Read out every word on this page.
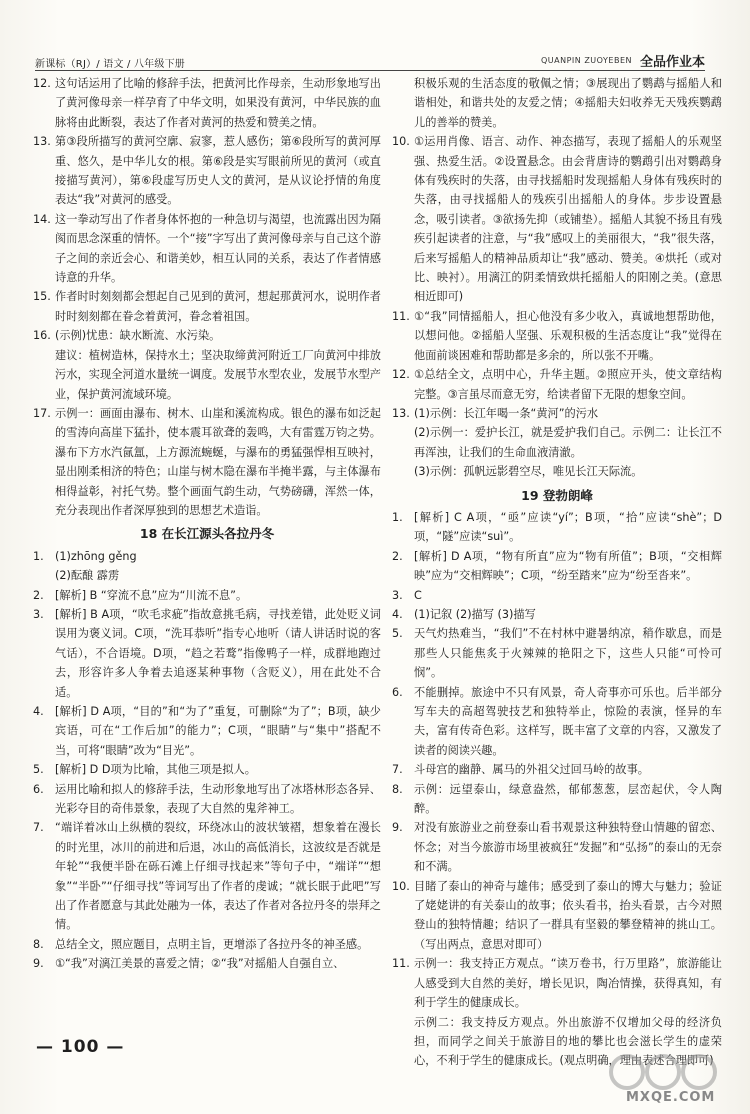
新课标（RJ）/ 语文 / 八年级下册	QUANPIN ZUOYEBEN 全品作业本
12. 这句话运用了比喻的修辞手法，把黄河比作母亲，生动形象地写出了黄河像母亲一样孕育了中华文明，如果没有黄河，中华民族的血脉将由此断裂，表达了作者对黄河的热爱和赞美之情。

13. 第③段所描写的黄河空廓、寂寥，惹人感伤；第⑥段所写的黄河厚重、悠久，是中华儿女的根。第⑥段是实写眼前所见的黄河（或直接描写黄河），第⑥段虚写历史人文的黄河，是从议论抒情的角度表达“我”对黄河的感受。

14. 这一拳动写出了作者身体怀抱的一种急切与渴望，也流露出因为隔阂而思念深重的情怀。一个“接”字写出了黄河像母亲与自己这个游子之间的亲近会心、和谐美妙，相互认同的关系，表达了作者情感诗意的升华。

15. 作者时时刻刻都会想起自己见到的黄河，想起那黄河水，说明作者时时刻刻都在眷念着黄河，眷念着祖国。

16. (示例)忧患：缺水断流、水污染。

建议：植树造林，保持水土；坚决取缔黄河附近工厂向黄河中排放污水，实现全河道水量统一调度。发展节水型农业，发展节水型产业，保护黄河流域环境。

17. 示例一：画面由瀑布、树木、山崖和溪流构成。银色的瀑布如泛起的雪涛向高崖下猛扑，使本震耳欲聋的轰鸣，大有雷霆万钧之势。瀑布下方水汽氤氲，上方源流蜿蜒，与瀑布的勇猛强悍相互映衬，显出刚柔相济的特色；山崖与树木隐在瀑布半掩半露，与主体瀑布相得益彰，衬托气势。整个画面气韵生动，气势磅礴，浑然一体，充分表现出作者深厚独到的思想艺术造诣。

18 在长江源头各拉丹冬
1.	(1)zhōng gěng

(2)酝酿 霹雳

2.	[解析] B “穿流不息”应为“川流不息”。

3.	[解析] B A项，“吹毛求疵”指故意挑毛病，寻找差错，此处贬义词误用为褒义词。C项，“洗耳恭听”指专心地听（请人讲话时说的客气话），不合语境。D项，“趋之若鹜”指像鸭子一样，成群地跑过去，形容许多人争着去追逐某种事物（含贬义），用在此处不合适。

4.	[解析] D A项，“目的”和“为了”重复，可删除“为了”；B项，缺少宾语，可在“工作后加”的能力”；C项，“眼睛”与“集中”搭配不当，可将“眼睛”改为“目光”。

5.	[解析] D D项为比喻，其他三项是拟人。

6.	运用比喻和拟人的修辞手法，生动形象地写出了冰塔林形态各异、光彩夺目的奇伟景象，表现了大自然的鬼斧神工。

7.	“端详着冰山上纵横的裂纹，环绕冰山的波状皱褶，想象着在漫长的时光里，冰川的前进和后退，冰山的高低消长，这波纹是否就是年轮”“我便半卧在砾石滩上仔细寻找起来”等句子中，“端详”“想象”“半卧”“仔细寻找”等词写出了作者的虔诚；“就长眠于此吧”写出了作者愿意与其此处融为一体，表达了作者对各拉丹冬的崇拜之情。

8.	总结全文，照应题目，点明主旨，更增添了各拉丹冬的神圣感。

9.	①“我”对漓江美景的喜爱之情；②“我”对摇船人自强自立、

积极乐观的生活态度的敬佩之情；③展现出了鹦鹉与摇船人和谐相处，和谐共处的友爱之情；④摇船夫妇收养无天残疾鹦鹉儿的善举的赞美。

10. ①运用肖像、语言、动作、神态描写，表现了摇船人的乐观坚强、热爱生活。②设置悬念。由会背唐诗的鹦鹉引出对鹦鹉身体有残疾时的失落，由寻找摇船时发现摇船人身体有残疾时的失落，由寻找摇船人的残疾引出摇船人的身体。步步设置悬念，吸引读者。③欲扬先抑（或铺垫）。摇船人其貌不扬且有残疾引起读者的注意，与“我”感叹上的美丽很大，“我”很失落，后来写摇船人的精神品质却让“我”感动、赞美。④烘托（或对比、映衬）。用漓江的阴柔情致烘托摇船人的阳刚之美。(意思相近即可)

11. ①“我”同情摇船人，担心他没有多少收入，真诚地想帮助他，以想问他。②摇船人坚强、乐观积极的生活态度让“我”觉得在他面前谈困难和帮助都是多余的，所以张不开嘴。

12. ①总结全文，点明中心，升华主题。②照应开头，使文章结构完整。③言虽尽而意无穷，给读者留下无限的想象空间。

13. (1)示例：长江年喝一条“黄河”的污水

(2)示例一：爱护长江，就是爱护我们自己。示例二：让长江不再浑浊，让我们的生命血液清澈。

(3)示例：孤帆远影碧空尽，唯见长江天际流。

19 登勃朗峰
1.	[解析] C A项，“亟”应读“yí”；B项，“拾”应读“shè”；D项，“隧”应读“suì”。

2.	[解析] D A项，“物有所直”应为“物有所值”；B项，“交相辉映”应为“交相辉映”；C项，“纷至踏来”应为“纷至沓来”。

3.	C

4.	(1)记叙 (2)描写 (3)描写

5.	天气灼热难当，“我们”不在村林中避暑纳凉，稍作歇息，而是那些人只能焦炙于火辣辣的艳阳之下，这些人只能“可怜可悯”。

6.	不能删掉。旅途中不只有风景，奇人奇事亦可乐也。后半部分写车夫的高超驾驶技艺和独特举止，惊险的表演，怪异的车夫，富有传奇色彩。这样写，既丰富了文章的内容，又激发了读者的阅读兴趣。

7.	斗母宫的幽静、属马的外祖父过回马岭的故事。

8.	示例：远望泰山，绿意盎然，郁郁葱葱，层峦起伏，令人陶醉。

9.	对没有旅游业之前登泰山看书观景这种独特登山情趣的留恋、怀念；对当今旅游市场里被疯狂“发掘”和“弘扬”的泰山的无奈和不满。

10. 目睹了泰山的神奇与雄伟；感受到了泰山的博大与魅力；验证了姥姥讲的有关泰山的故事；依头看书，抬头看景，古今对照登山的独特情趣；结识了一群具有坚毅的攀登精神的挑山工。（写出两点，意思对即可）

11. 示例一：我支持正方观点。“读万卷书，行万里路”，旅游能让人感受到大自然的美好，增长见识，陶冶情操，获得真知，有利于学生的健康成长。

示例二：我支持反方观点。外出旅游不仅增加父母的经济负担，而同学之间关于旅游目的地的攀比也会滋长学生的虚荣心，不利于学生的健康成长。(观点明确，理由表述合理即可)

— 100 —
MXQE.COM
